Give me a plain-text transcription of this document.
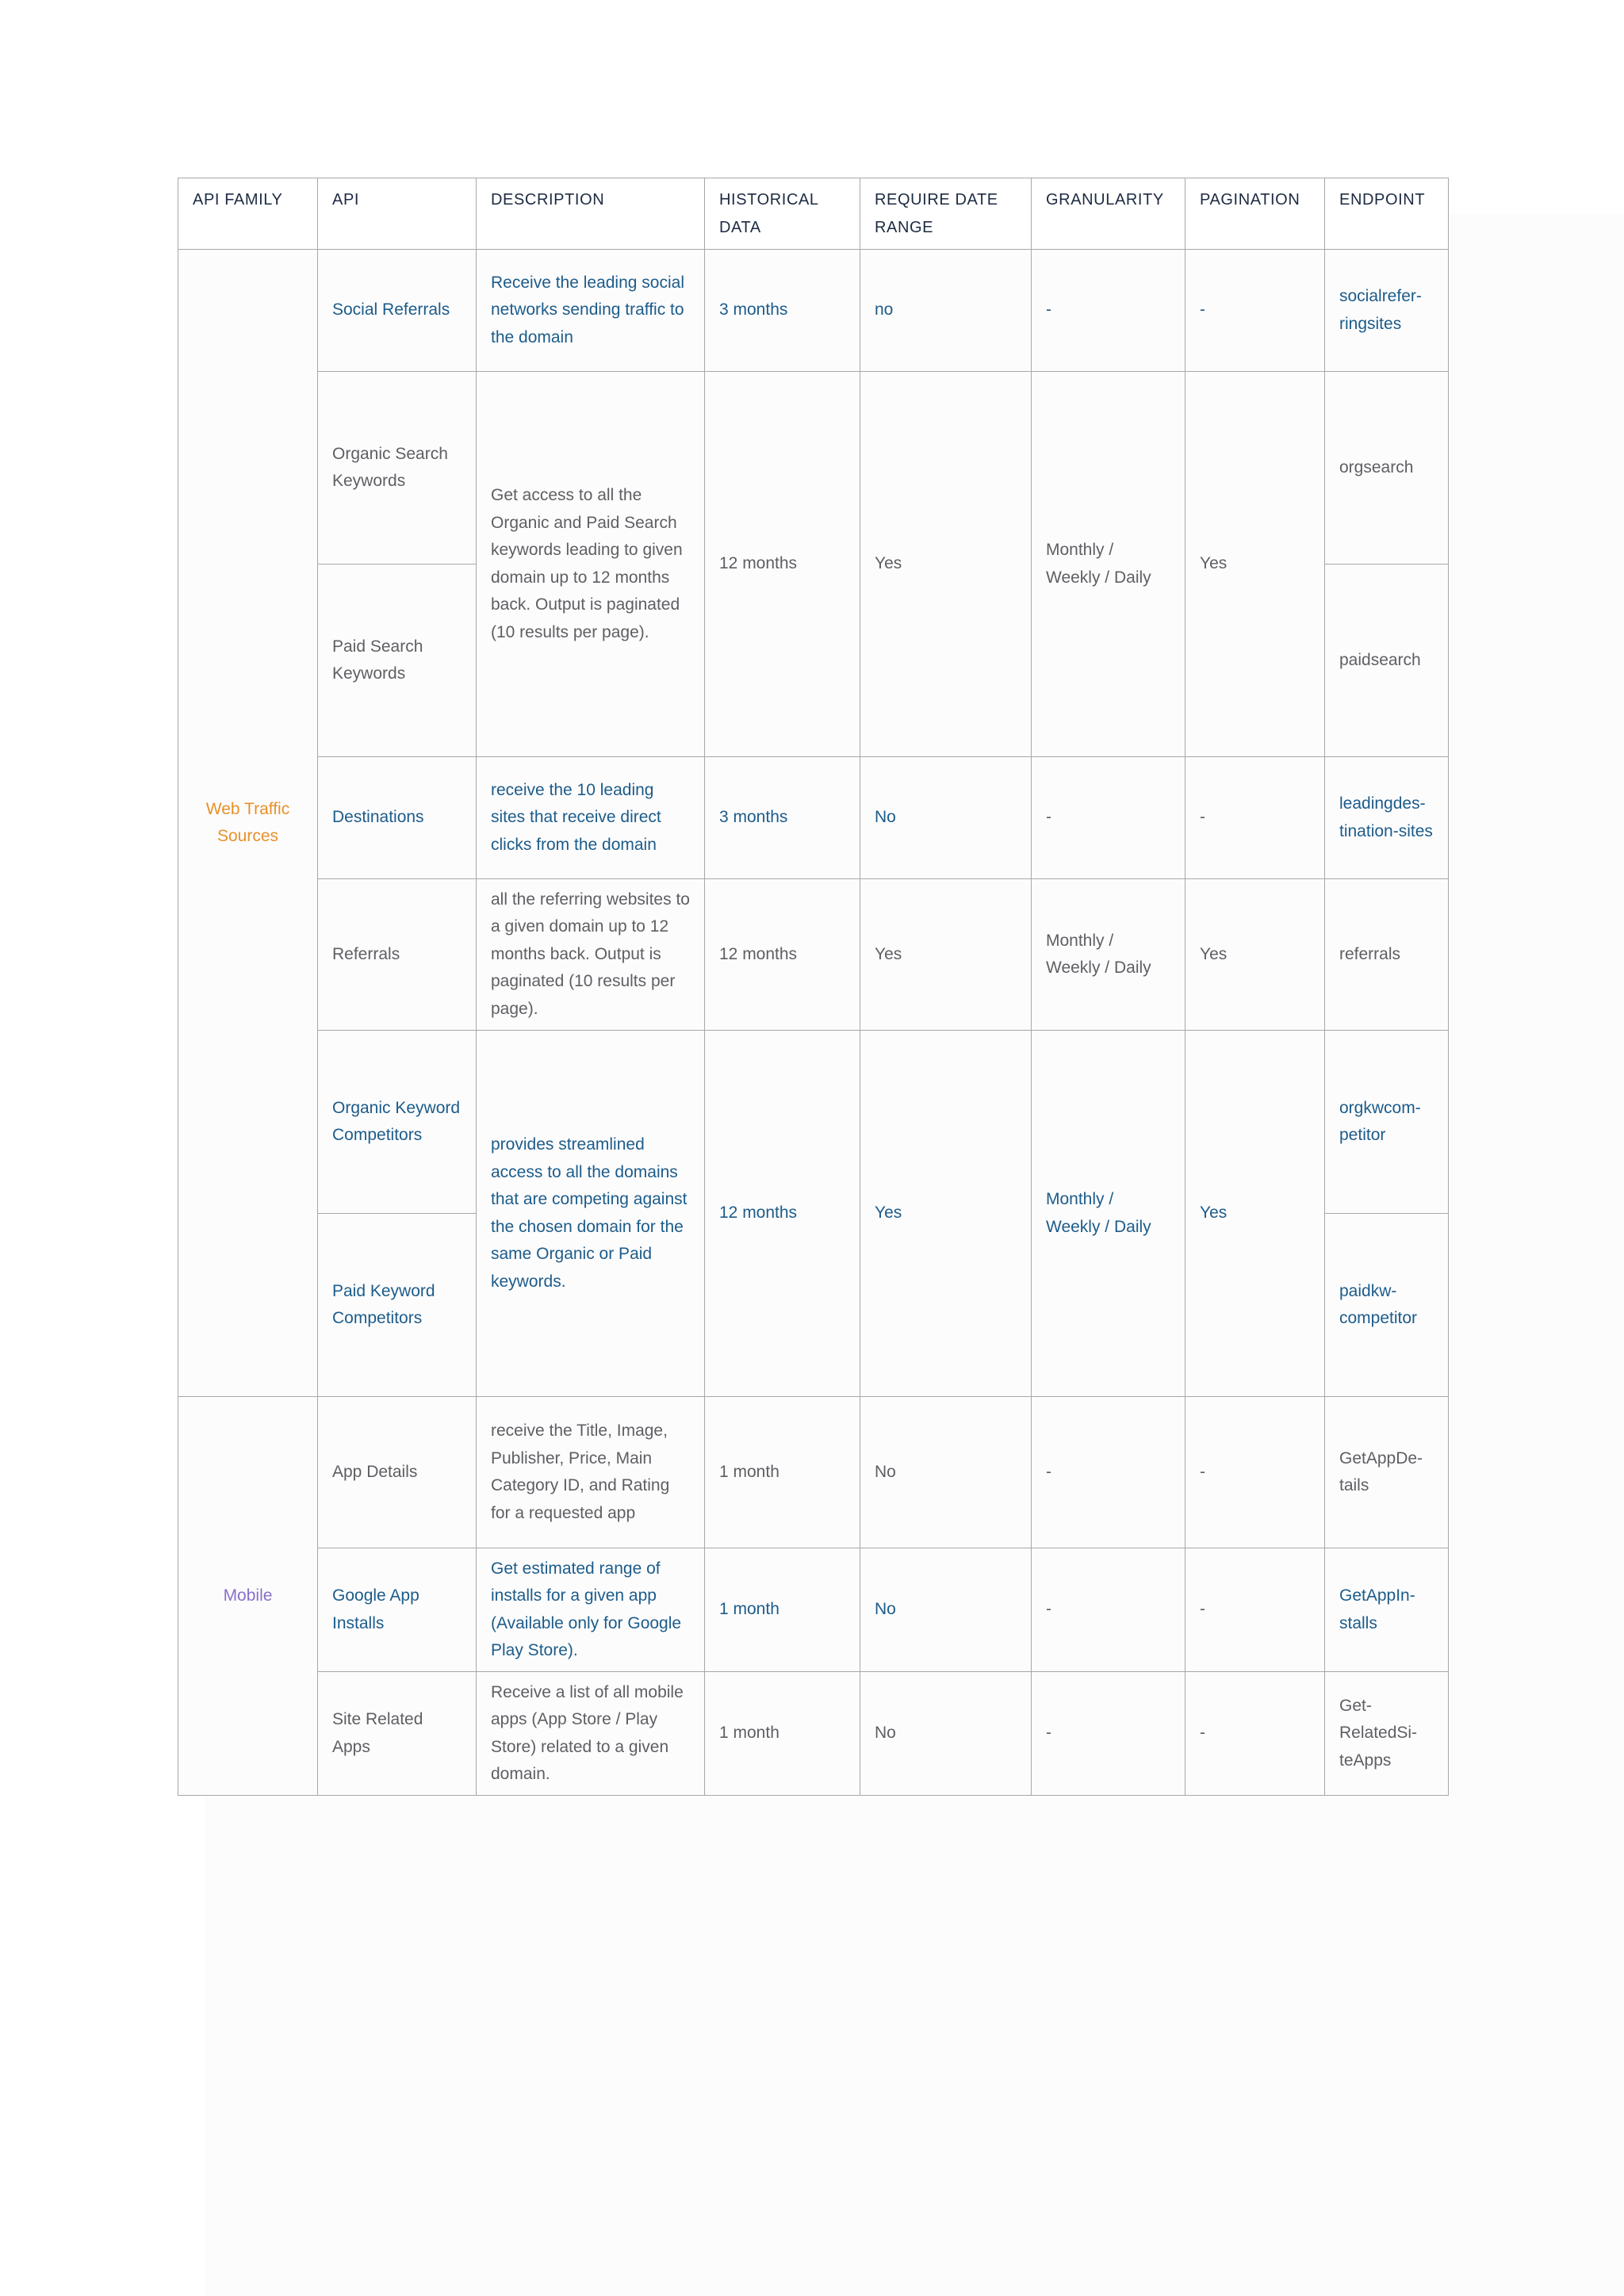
API FAMILY	API	DESCRIPTION	HISTORICAL DATA	REQUIRE DATE RANGE	GRANULARITY	PAGINATION	ENDPOINT
Web Traffic Sources	Social Referrals	Receive the leading social networks sending traffic to the domain	3 months	no	-	-	socialrefer-ringsites
	Organic Search Keywords	Get access to all the Organic and Paid Search keywords leading to given domain up to 12 months back. Output is paginated (10 results per page).	12 months	Yes	Monthly / Weekly / Daily	Yes	orgsearch
	Paid Search Keywords						paidsearch
	Destinations	receive the 10 leading sites that receive direct clicks from the domain	3 months	No	-	-	leadingdes-tination-sites
	Referrals	all the referring websites to a given domain up to 12 months back. Output is paginated (10 results per page).	12 months	Yes	Monthly / Weekly / Daily	Yes	referrals
	Organic Keyword Competitors	provides streamlined access to all the domains that are competing against the chosen domain for the same Organic or Paid keywords.	12 months	Yes	Monthly / Weekly / Daily	Yes	orgkwcom-petitor
	Paid Keyword Competitors						paidkw-competitor

Mobile	App Details	receive the Title, Image, Publisher, Price, Main Category ID, and Rating for a requested app	1 month	No	-	-	GetAppDe-tails
	Google App Installs	Get estimated range of installs for a given app (Available only for Google Play Store).	1 month	No	-	-	GetAppIn-stalls
	Site Related Apps	Receive a list of all mobile apps (App Store / Play Store) related to a given domain.	1 month	No	-	-	Get-RelatedSi-teApps
